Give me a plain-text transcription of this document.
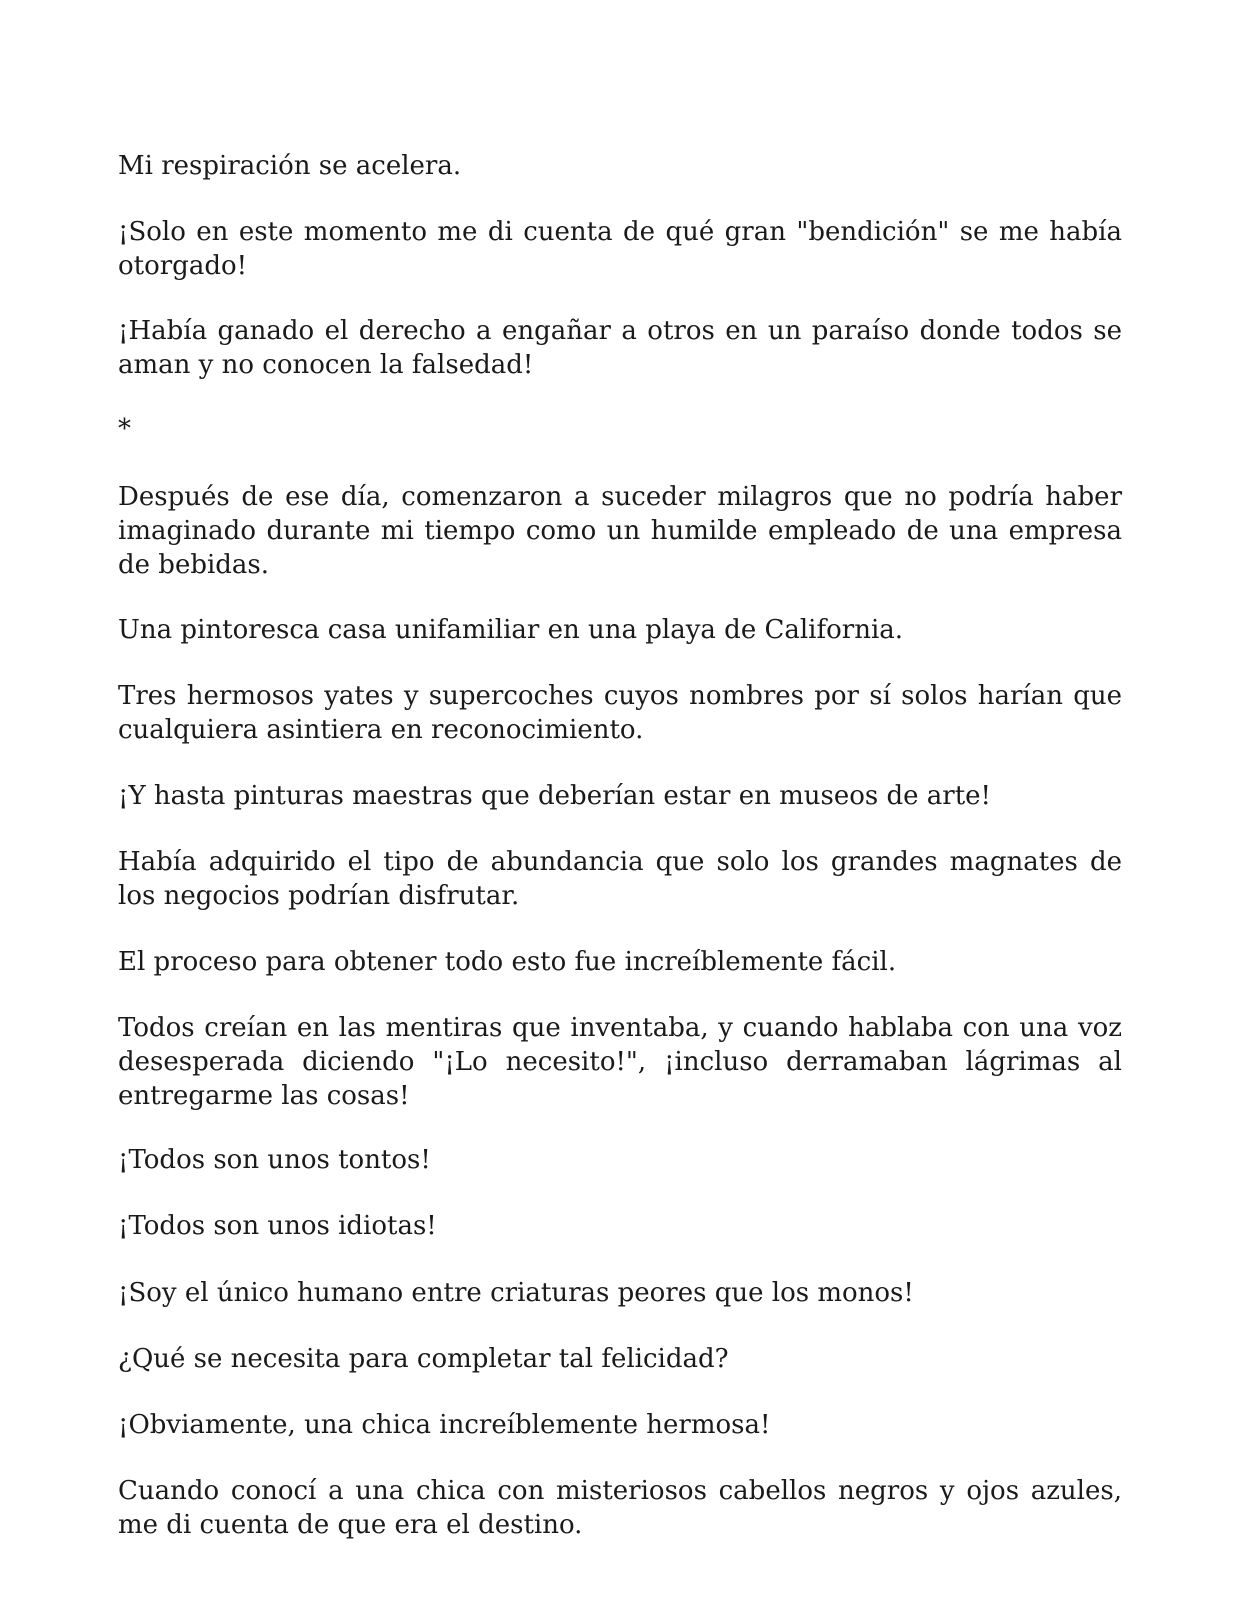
Mi respiración se acelera.

¡Solo en este momento me di cuenta de qué gran "bendición" se me había otorgado!

¡Había ganado el derecho a engañar a otros en un paraíso donde todos se aman y no conocen la falsedad!

*

Después de ese día, comenzaron a suceder milagros que no podría haber imaginado durante mi tiempo como un humilde empleado de una empresa de bebidas.

Una pintoresca casa unifamiliar en una playa de California.

Tres hermosos yates y supercoches cuyos nombres por sí solos harían que cualquiera asintiera en reconocimiento.

¡Y hasta pinturas maestras que deberían estar en museos de arte!

Había adquirido el tipo de abundancia que solo los grandes magnates de los negocios podrían disfrutar.

El proceso para obtener todo esto fue increíblemente fácil.

Todos creían en las mentiras que inventaba, y cuando hablaba con una voz desesperada diciendo "¡Lo necesito!", ¡incluso derramaban lágrimas al entregarme las cosas!

¡Todos son unos tontos!

¡Todos son unos idiotas!

¡Soy el único humano entre criaturas peores que los monos!

¿Qué se necesita para completar tal felicidad?

¡Obviamente, una chica increíblemente hermosa!

Cuando conocí a una chica con misteriosos cabellos negros y ojos azules, me di cuenta de que era el destino.
